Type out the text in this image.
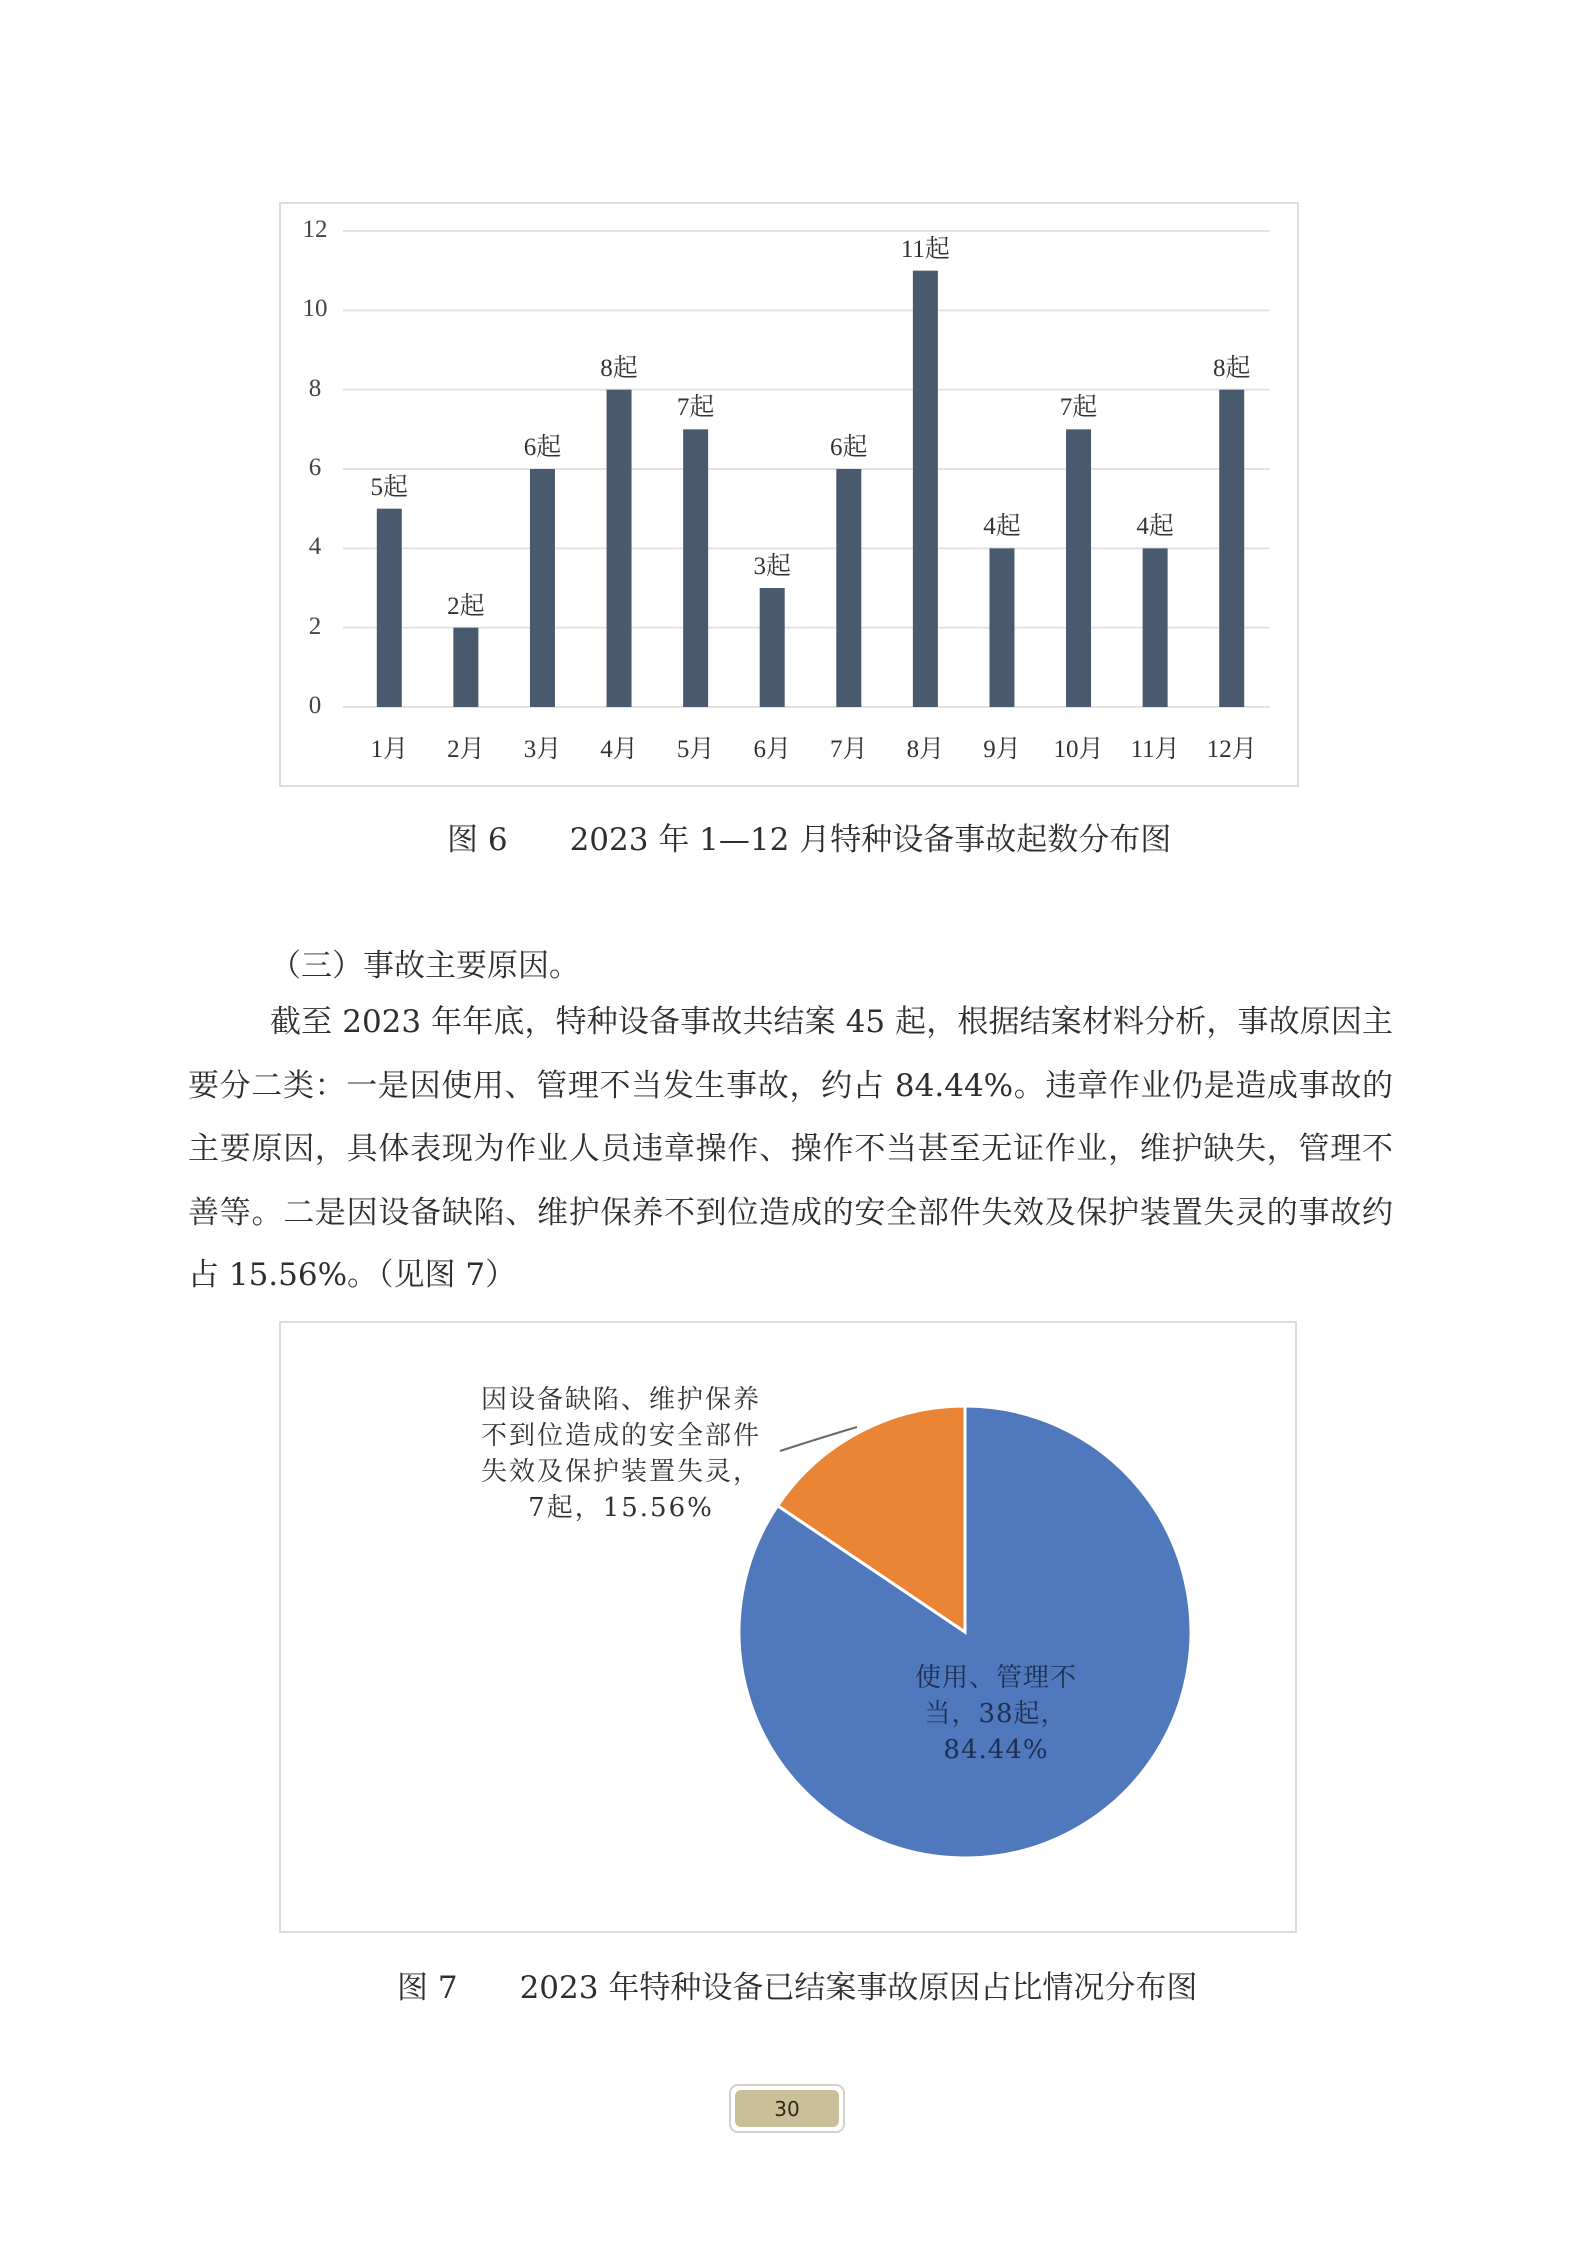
0
2
4
6
8
10
12
5起
1月
2起
2月
6起
3月
8起
4月
7起
5月
3起
6月
6起
7月
11起
8月
4起
9月
7起
10月
4起
11月
8起
12月
图 6　　2023 年 1—12 月特种设备事故起数分布图
（三）事故主要原因。
截至 2023 年年底，特种设备事故共结案 45 起，根据结案材料分析，事故原因主
要分二类：一是因使用、管理不当发生事故，约占 84.44%。违章作业仍是造成事故的
主要原因，具体表现为作业人员违章操作、操作不当甚至无证作业，维护缺失，管理不
善等。二是因设备缺陷、维护保养不到位造成的安全部件失效及保护装置失灵的事故约
占 15.56%。（见图 7）
因设备缺陷、维护保养
不到位造成的安全部件
失效及保护装置失灵，
7起，15.56%
使用、管理不
当，38起，
84.44%
图 7　　2023 年特种设备已结案事故原因占比情况分布图
30
